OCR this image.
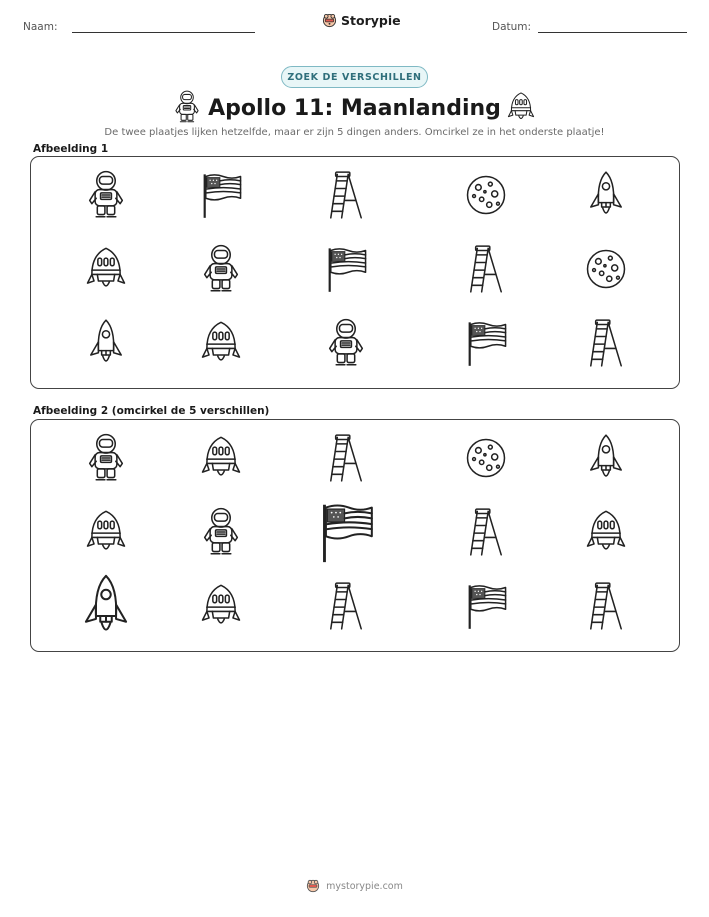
Naam:	Storypie	Datum:
ZOEK DE VERSCHILLEN
Apollo 11: Maanlanding
De twee plaatjes lijken hetzelfde, maar er zijn 5 dingen anders. Omcirkel ze in het onderste plaatje!
Afbeelding 1
Afbeelding 2 (omcirkel de 5 verschillen)
mystorypie.com
